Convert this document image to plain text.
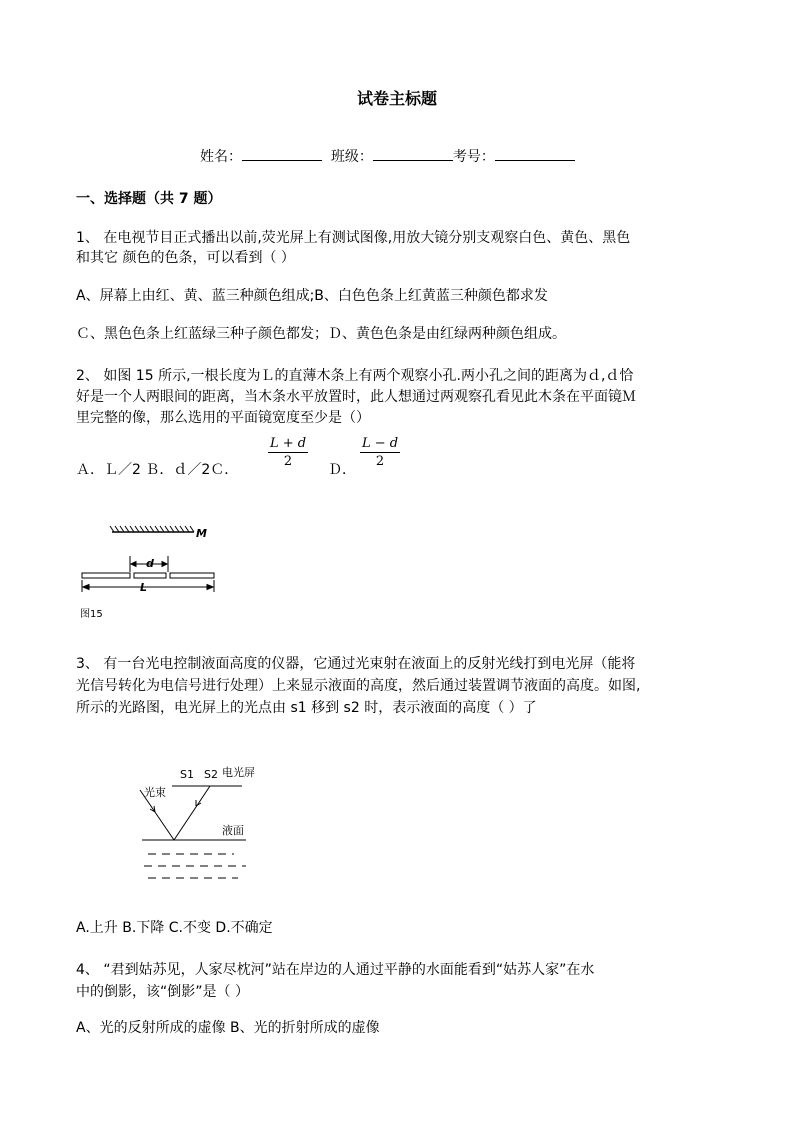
试卷主标题
姓名：	班级：	考号：
一、选择题（共 7 题）
1、 在电视节目正式播出以前,荧光屏上有测试图像,用放大镜分别支观察白色、黄色、黑色
和其它 颜色的色条，可以看到（ ）
A、屏幕上由红、黄、蓝三种颜色组成;B、白色色条上红黄蓝三种颜色都求发
Ｃ、黑色色条上红蓝绿三种子颜色都发；Ｄ、黄色色条是由红绿两种颜色组成。
2、 如图 15 所示,一根长度为Ｌ的直薄木条上有两个观察小孔.两小孔之间的距离为ｄ,ｄ恰
好是一个人两眼间的距离，当木条水平放置时，此人想通过两观察孔看见此木条在平面镜Ｍ
里完整的像，那么选用的平面镜宽度至少是（）
Ａ．Ｌ／2 Ｂ．ｄ／2Ｃ．
$\frac{L + d}{2}$
Ｄ．
$\frac{L - d}{2}$
M
d
L
图15
3、 有一台光电控制液面高度的仪器，它通过光束射在液面上的反射光线打到电光屏（能将
光信号转化为电信号进行处理）上来显示液面的高度，然后通过装置调节液面的高度。如图,
所示的光路图，电光屏上的光点由 s1 移到 s2 时，表示液面的高度（ ）了
S1 S2 电光屏
光束
液面
A.上升 B.下降 C.不变 D.不确定
4、 “君到姑苏见，人家尽枕河”站在岸边的人通过平静的水面能看到“姑苏人家”在水
中的倒影，该“倒影”是（ ）
A、光的反射所成的虚像 B、光的折射所成的虚像
